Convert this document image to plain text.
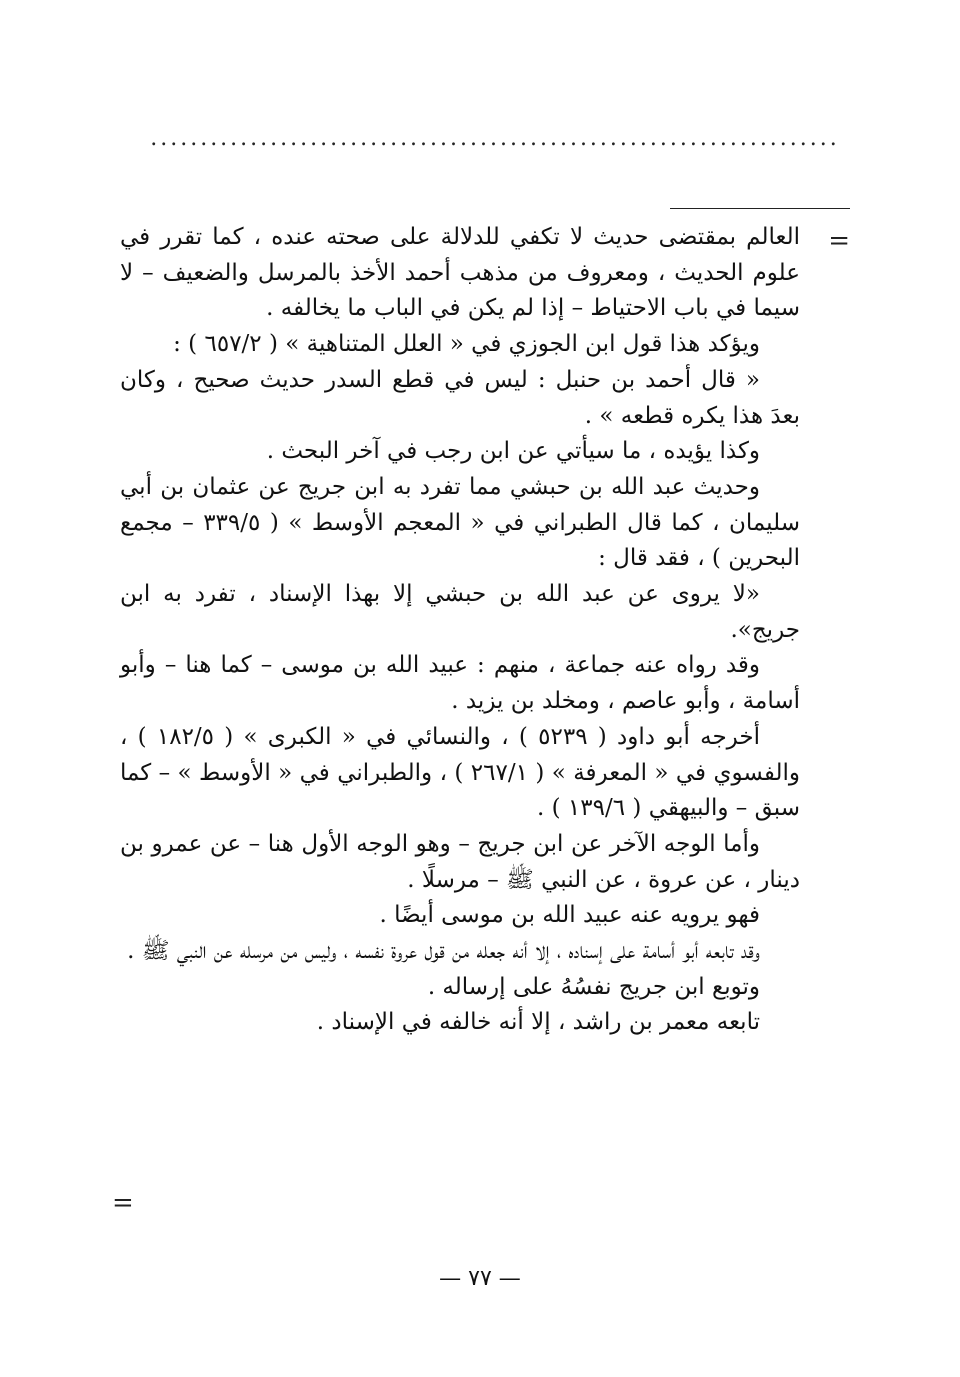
.....................................................................
=

العالم بمقتضى حديث لا تكفي للدلالة على صحته عنده ، كما تقرر في علوم الحديث ، ومعروف من مذهب أحمد الأخذ بالمرسل والضعيف – لا سيما في باب الاحتياط – إذا لم يكن في الباب ما يخالفه .

ويؤكد هذا قول ابن الجوزي في « العلل المتناهية » ( ٦٥٧/٢ ) :

« قال أحمد بن حنبل : ليس في قطع السدر حديث صحيح ، وكان بعدَ هذا يكره قطعه » .

وكذا يؤيده ، ما سيأتي عن ابن رجب في آخر البحث .

وحديث عبد الله بن حبشي مما تفرد به ابن جريج عن عثمان بن أبي سليمان ، كما قال الطبراني في « المعجم الأوسط » ( ٣٣٩/٥ – مجمع البحرين ) ، فقد قال :

«لا يروى عن عبد الله بن حبشي إلا بهذا الإسناد ، تفرد به ابن جريج».

وقد رواه عنه جماعة ، منهم : عبيد الله بن موسى – كما هنا – وأبو أسامة ، وأبو عاصم ، ومخلد بن يزيد .

أخرجه أبو داود ( ٥٢٣٩ ) ، والنسائي في « الكبرى » ( ١٨٢/٥ ) ، والفسوي في « المعرفة » ( ٢٦٧/١ ) ، والطبراني في « الأوسط » – كما سبق – والبيهقي ( ١٣٩/٦ ) .

وأما الوجه الآخر عن ابن جريج – وهو الوجه الأول هنا – عن عمرو بن دينار ، عن عروة ، عن النبي ﷺ – مرسلًا .

فهو يرويه عنه عبيد الله بن موسى أيضًا .

وقد تابعه أبو أسامة على إسناده ، إلا أنه جعله من قول عروة نفسه ، وليس من مرسله عن النبي ﷺ .

وتوبع ابن جريج نفسُهُ على إرساله .

تابعه معمر بن راشد ، إلا أنه خالفه في الإسناد .

=
— ٧٧ —
